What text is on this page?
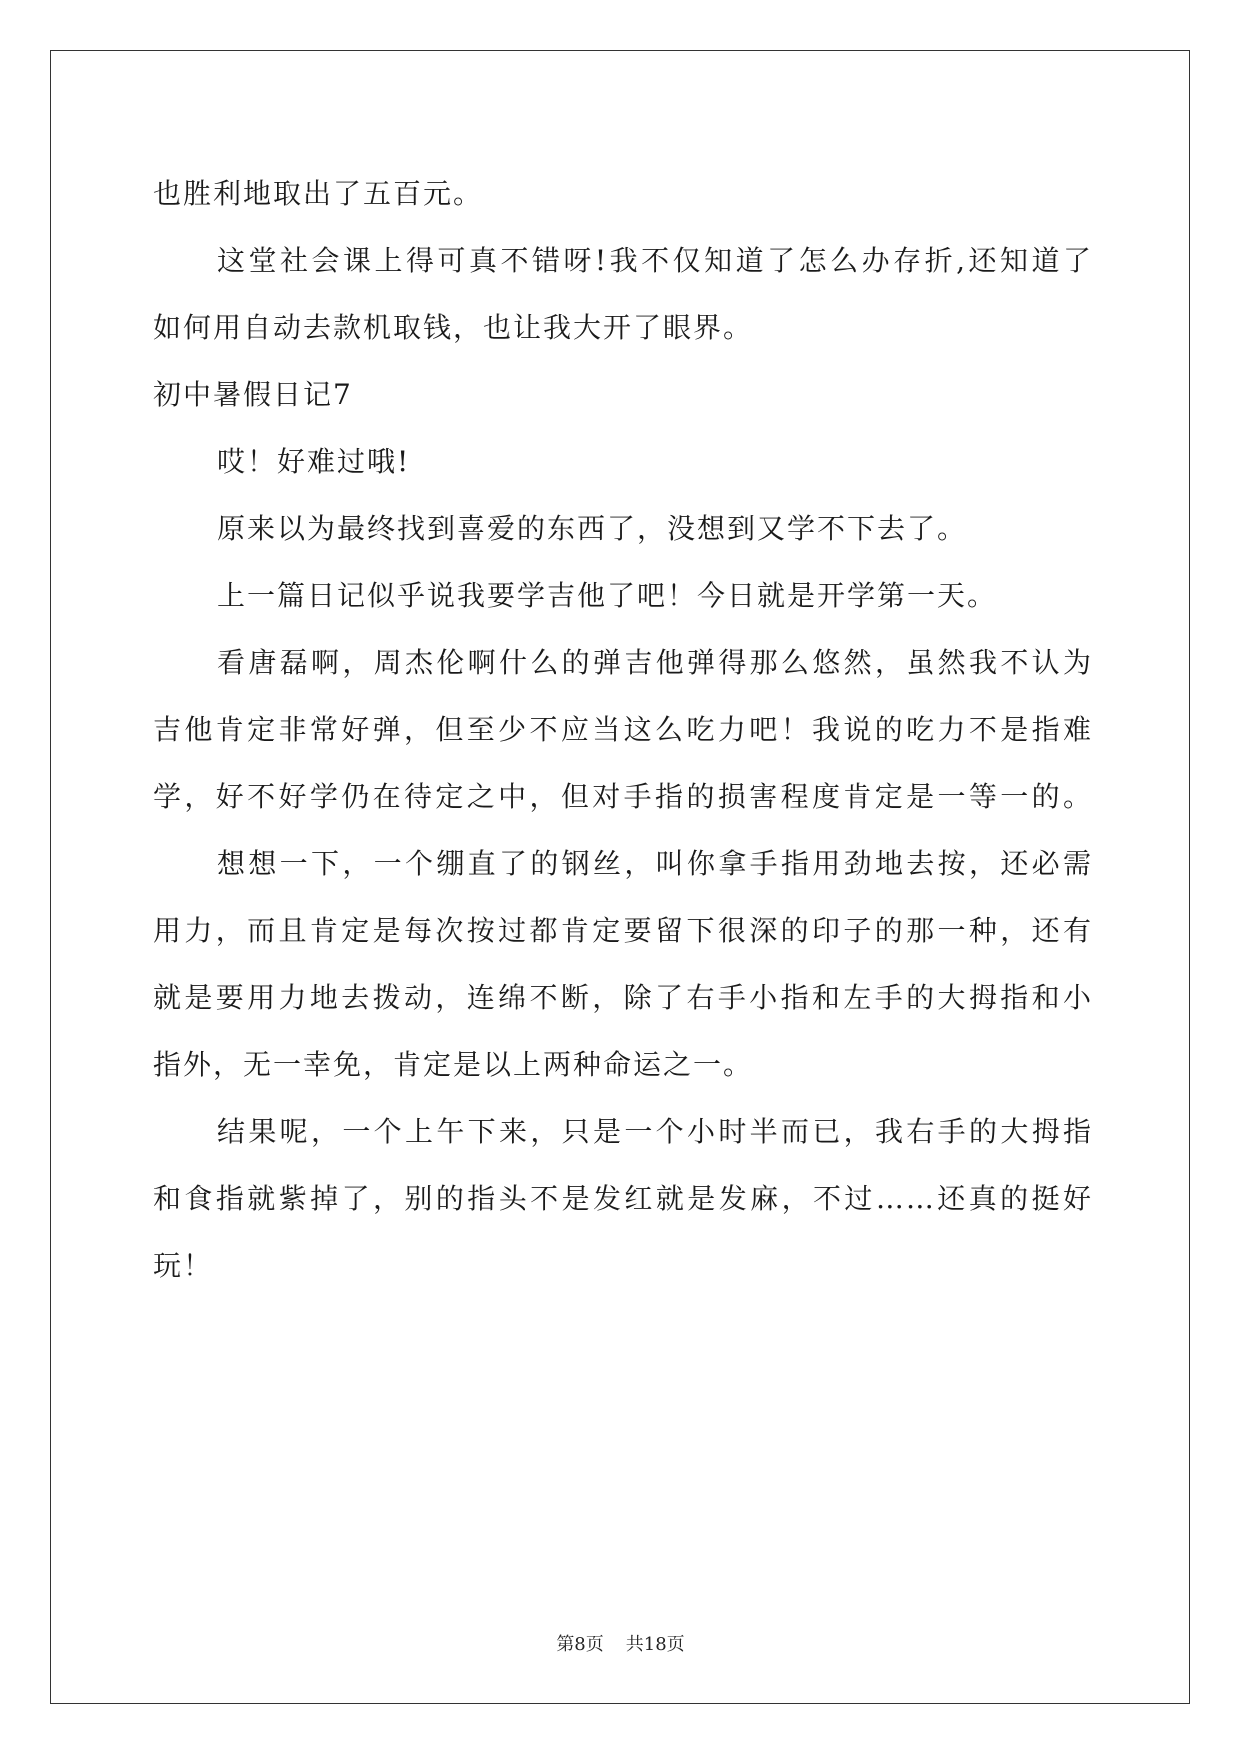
也胜利地取出了五百元。
这堂社会课上得可真不错呀!我不仅知道了怎么办存折,还知道了
如何用自动去款机取钱，也让我大开了眼界。
初中暑假日记7
哎！好难过哦!
原来以为最终找到喜爱的东西了，没想到又学不下去了。
上一篇日记似乎说我要学吉他了吧！今日就是开学第一天。
看唐磊啊，周杰伦啊什么的弹吉他弹得那么悠然，虽然我不认为
吉他肯定非常好弹，但至少不应当这么吃力吧！我说的吃力不是指难
学，好不好学仍在待定之中，但对手指的损害程度肯定是一等一的。
想想一下，一个绷直了的钢丝，叫你拿手指用劲地去按，还必需
用力，而且肯定是每次按过都肯定要留下很深的印子的那一种，还有
就是要用力地去拨动，连绵不断，除了右手小指和左手的大拇指和小
指外，无一幸免，肯定是以上两种命运之一。
结果呢，一个上午下来，只是一个小时半而已，我右手的大拇指
和食指就紫掉了，别的指头不是发红就是发麻，不过……还真的挺好
玩！
第8页 共18页
